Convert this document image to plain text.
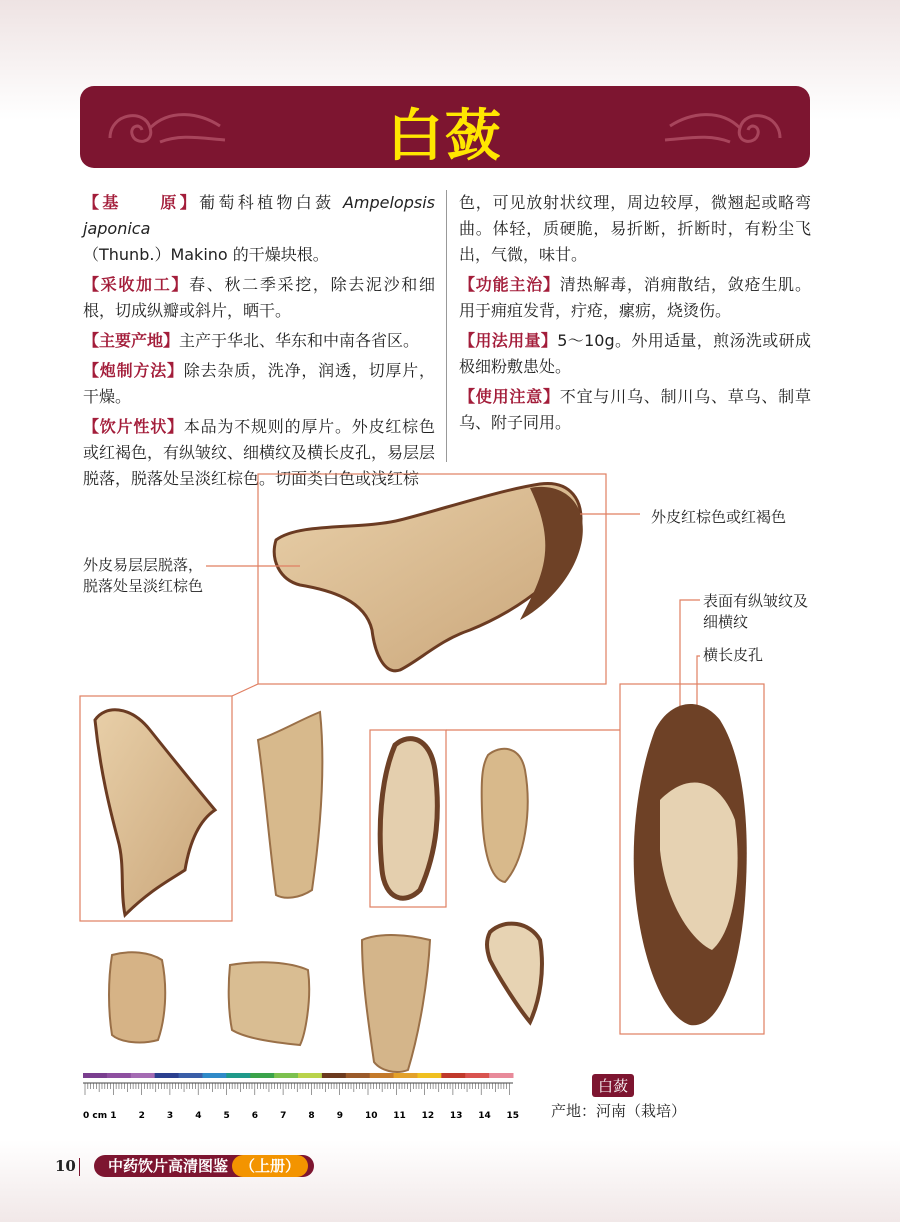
白蔹

【基　　原】葡萄科植物白蔹 Ampelopsis japonica
（Thunb.）Makino 的干燥块根。

【采收加工】春、秋二季采挖，除去泥沙和细根，切成纵瓣或斜片，晒干。

【主要产地】主产于华北、华东和中南各省区。

【炮制方法】除去杂质，洗净，润透，切厚片，干燥。

【饮片性状】本品为不规则的厚片。外皮红棕色或红褐色，有纵皱纹、细横纹及横长皮孔，易层层脱落，脱落处呈淡红棕色。切面类白色或浅红棕

色，可见放射状纹理，周边较厚，微翘起或略弯曲。体轻，质硬脆，易折断，折断时，有粉尘飞出，气微，味甘。

【功能主治】清热解毒，消痈散结，敛疮生肌。用于痈疽发背，疔疮，瘰疬，烧烫伤。

【用法用量】5～10g。外用适量，煎汤洗或研成极细粉敷患处。

【使用注意】不宜与川乌、制川乌、草乌、制草乌、附子同用。

外皮红棕色或红褐色
外皮易层层脱落，
脱落处呈淡红棕色
表面有纵皱纹及
细横纹
横长皮孔
1 2 3 4 5 6 7 8 9 10 11 12 13 14 15
0 cm
白蔹
产地：河南（栽培）
10	中药饮片高清图鉴 （上册）
